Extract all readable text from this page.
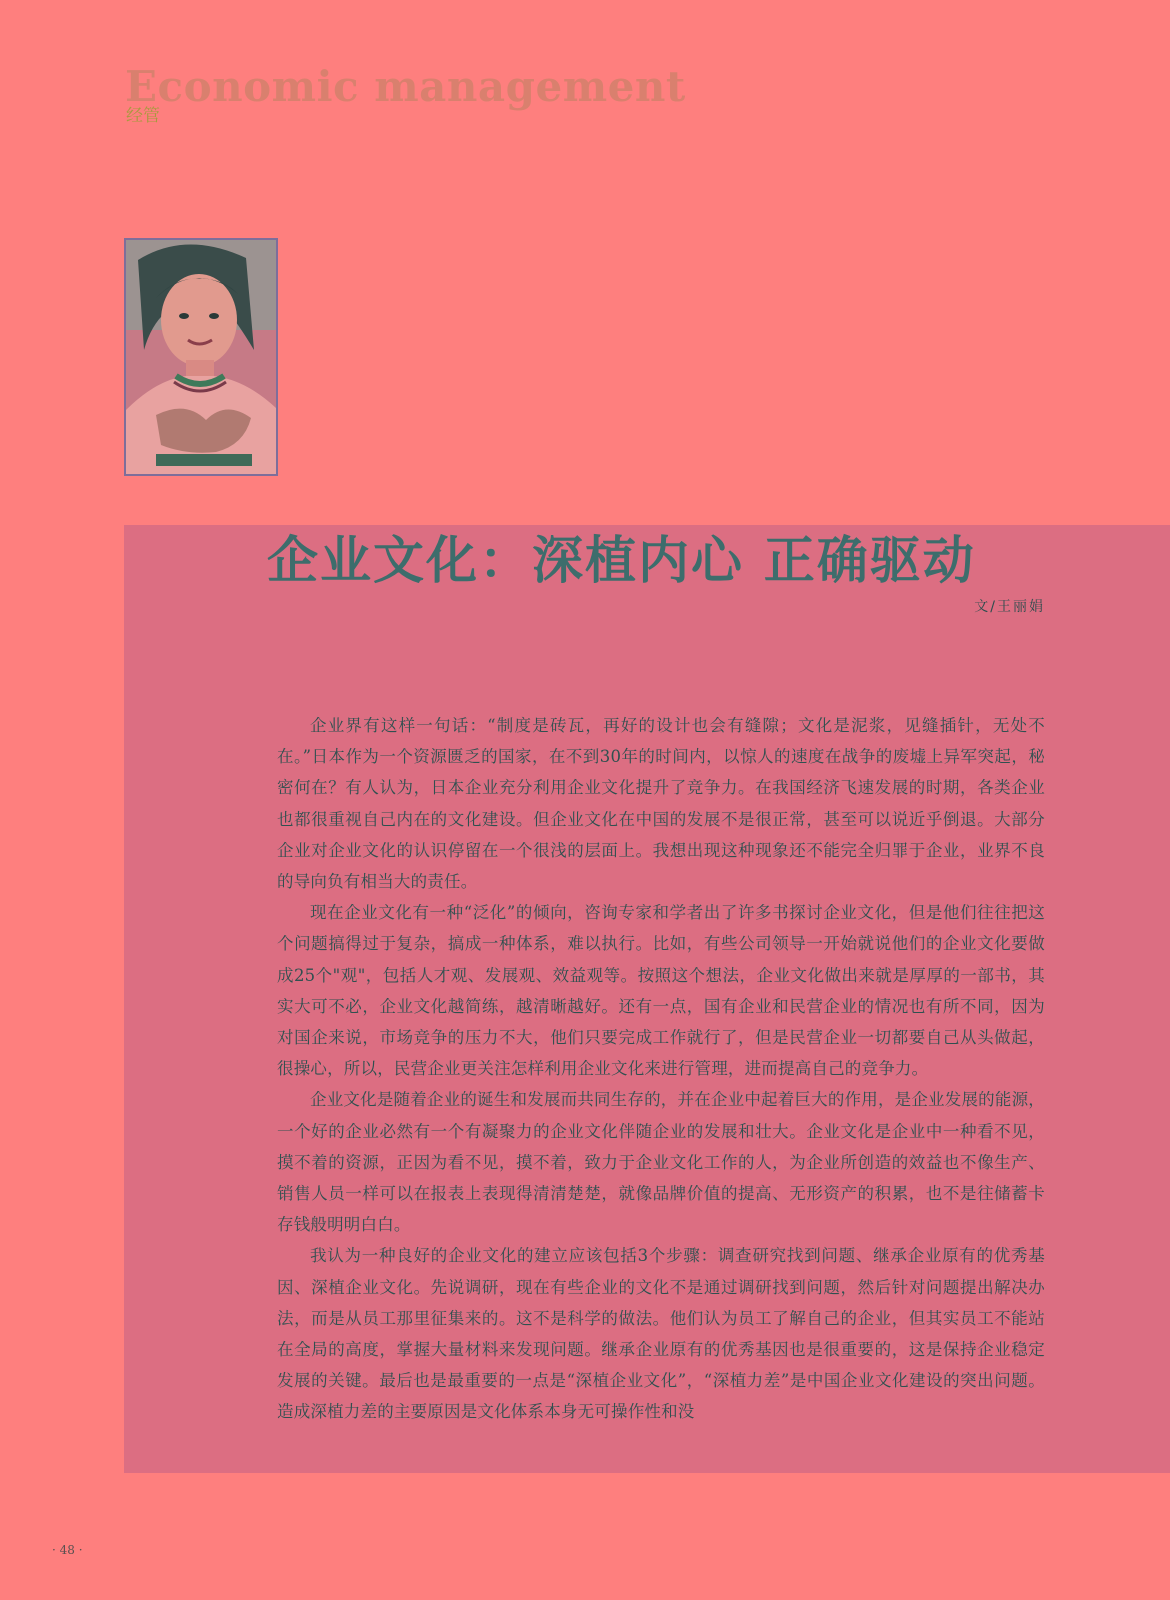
Economic management
经管
企业文化：深植内心 正确驱动
文/王丽娟

企业界有这样一句话：“制度是砖瓦，再好的设计也会有缝隙；文化是泥浆，见缝插针，无处不在。”日本作为一个资源匮乏的国家，在不到30年的时间内，以惊人的速度在战争的废墟上异军突起，秘密何在？有人认为，日本企业充分利用企业文化提升了竞争力。在我国经济飞速发展的时期，各类企业也都很重视自己内在的文化建设。但企业文化在中国的发展不是很正常，甚至可以说近乎倒退。大部分企业对企业文化的认识停留在一个很浅的层面上。我想出现这种现象还不能完全归罪于企业，业界不良的导向负有相当大的责任。

现在企业文化有一种“泛化”的倾向，咨询专家和学者出了许多书探讨企业文化，但是他们往往把这个问题搞得过于复杂，搞成一种体系，难以执行。比如，有些公司领导一开始就说他们的企业文化要做成25个"观"，包括人才观、发展观、效益观等。按照这个想法，企业文化做出来就是厚厚的一部书，其实大可不必，企业文化越简练，越清晰越好。还有一点，国有企业和民营企业的情况也有所不同，因为对国企来说，市场竞争的压力不大，他们只要完成工作就行了，但是民营企业一切都要自己从头做起，很操心，所以，民营企业更关注怎样利用企业文化来进行管理，进而提高自己的竞争力。

企业文化是随着企业的诞生和发展而共同生存的，并在企业中起着巨大的作用，是企业发展的能源，一个好的企业必然有一个有凝聚力的企业文化伴随企业的发展和壮大。企业文化是企业中一种看不见，摸不着的资源，正因为看不见，摸不着，致力于企业文化工作的人，为企业所创造的效益也不像生产、销售人员一样可以在报表上表现得清清楚楚，就像品牌价值的提高、无形资产的积累，也不是往储蓄卡存钱般明明白白。

我认为一种良好的企业文化的建立应该包括3个步骤：调查研究找到问题、继承企业原有的优秀基因、深植企业文化。先说调研，现在有些企业的文化不是通过调研找到问题，然后针对问题提出解决办法，而是从员工那里征集来的。这不是科学的做法。他们认为员工了解自己的企业，但其实员工不能站在全局的高度，掌握大量材料来发现问题。继承企业原有的优秀基因也是很重要的，这是保持企业稳定发展的关键。最后也是最重要的一点是“深植企业文化”，“深植力差”是中国企业文化建设的突出问题。造成深植力差的主要原因是文化体系本身无可操作性和没

· 48 ·
